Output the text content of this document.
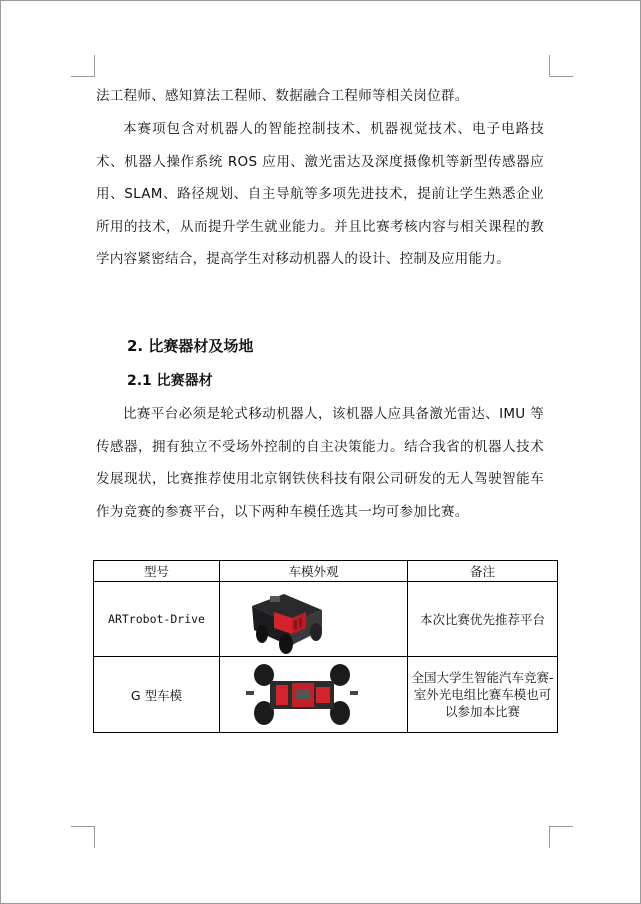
法工程师、感知算法工程师、数据融合工程师等相关岗位群。

本赛项包含对机器人的智能控制技术、机器视觉技术、电子电路技术、机器人操作系统 ROS 应用、激光雷达及深度摄像机等新型传感器应用、SLAM、路径规划、自主导航等多项先进技术，提前让学生熟悉企业所用的技术，从而提升学生就业能力。并且比赛考核内容与相关课程的教学内容紧密结合，提高学生对移动机器人的设计、控制及应用能力。

2. 比赛器材及场地
2.1 比赛器材

比赛平台必须是轮式移动机器人，该机器人应具备激光雷达、IMU 等传感器，拥有独立不受场外控制的自主决策能力。结合我省的机器人技术发展现状，比赛推荐使用北京钢铁侠科技有限公司研发的无人驾驶智能车作为竞赛的参赛平台，以下两种车模任选其一均可参加比赛。

型号	车模外观	备注
ARTrobot-Drive		本次比赛优先推荐平台
G 型车模		全国大学生智能汽车竞赛-室外光电组比赛车模也可以参加本比赛
